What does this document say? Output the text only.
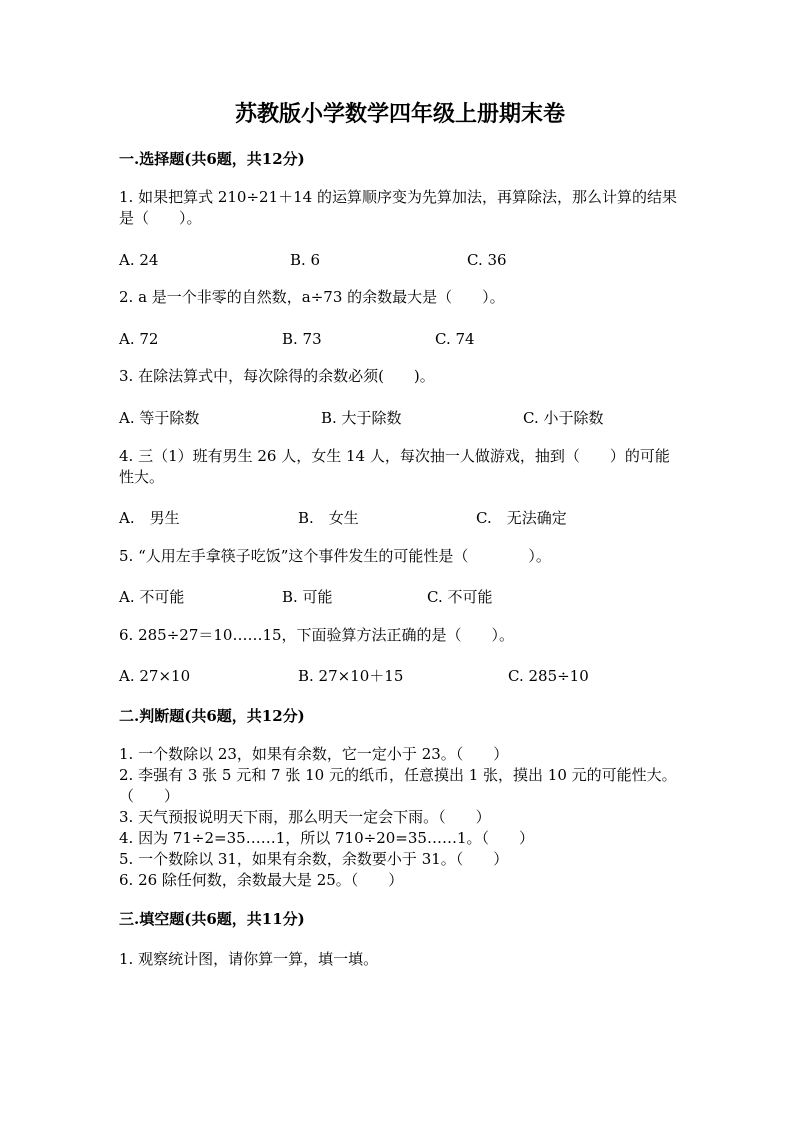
苏教版小学数学四年级上册期末卷
一.选择题(共6题，共12分)
1. 如果把算式 210÷21＋14 的运算顺序变为先算加法，再算除法，那么计算的结果是（　　）。
A. 24	B. 6	C. 36
2. a 是一个非零的自然数，a÷73 的余数最大是（　　）。
A. 72	B. 73	C. 74
3. 在除法算式中，每次除得的余数必须(　　)。
A. 等于除数	B. 大于除数	C. 小于除数
4. 三（1）班有男生 26 人，女生 14 人，每次抽一人做游戏，抽到（　　）的可能性大。
A.　男生	B.　女生	C.　无法确定
5. “人用左手拿筷子吃饭”这个事件发生的可能性是（　　　　）。
A. 不可能	B. 可能	C. 不可能
6. 285÷27＝10……15，下面验算方法正确的是（　　）。
A. 27×10	B. 27×10＋15	C. 285÷10
二.判断题(共6题，共12分)
1. 一个数除以 23，如果有余数，它一定小于 23。（　　）
2. 李强有 3 张 5 元和 7 张 10 元的纸币，任意摸出 1 张，摸出 10 元的可能性大。　（　　）
3. 天气预报说明天下雨，那么明天一定会下雨。（　　）
4. 因为 71÷2=35……1，所以 710÷20=35……1。（　　）
5. 一个数除以 31，如果有余数，余数要小于 31。（　　）
6. 26 除任何数，余数最大是 25。（　　）
三.填空题(共6题，共11分)
1. 观察统计图，请你算一算，填一填。
